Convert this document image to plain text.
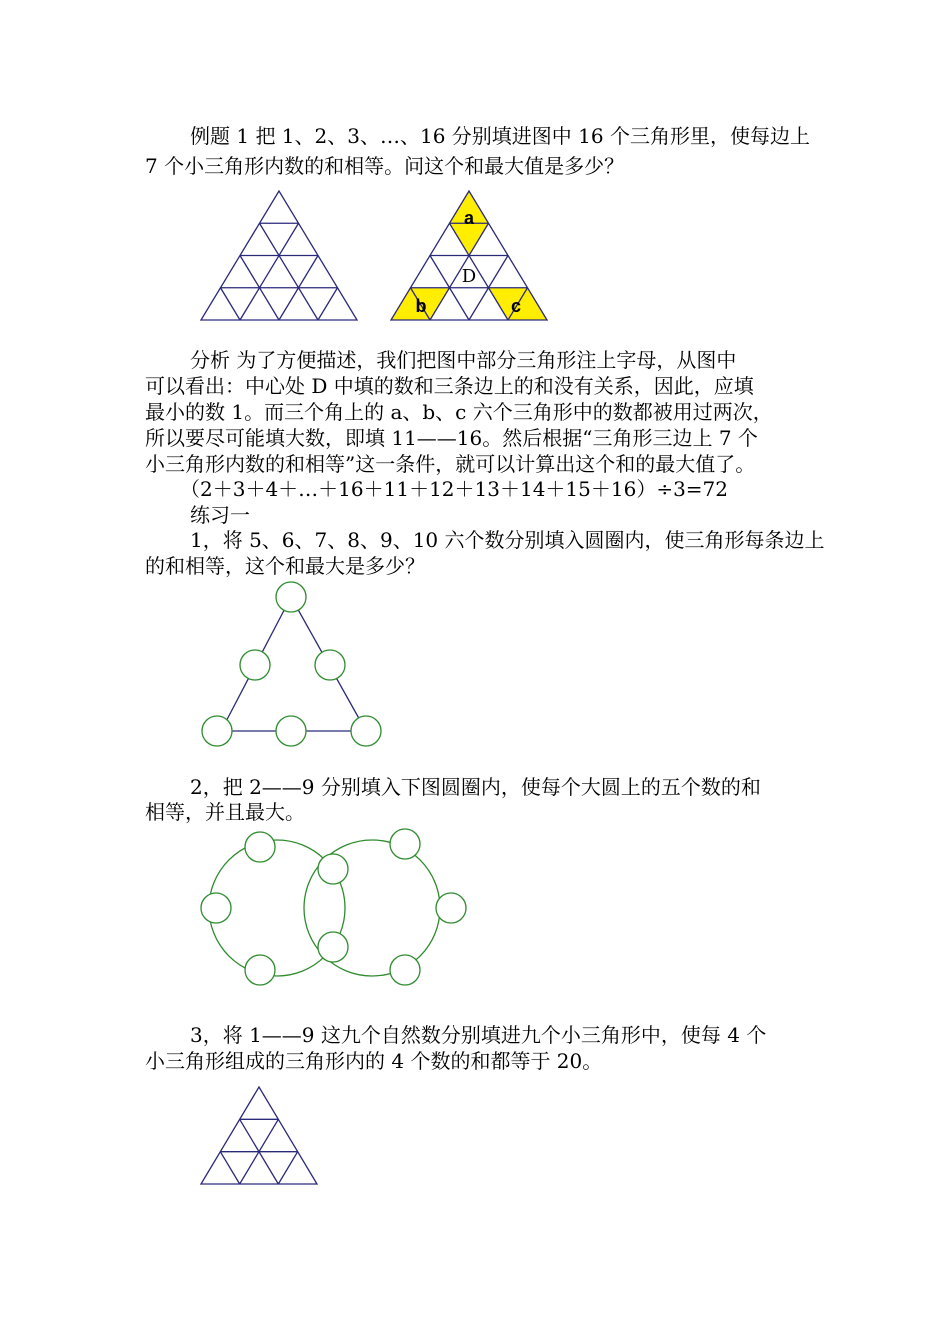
例题 1 把 1、2、3、…、16 分别填进图中 16 个三角形里，使每边上
7 个小三角形内数的和相等。问这个和最大值是多少？
a
D
b	c
分析 为了方便描述，我们把图中部分三角形注上字母，从图中
可以看出：中心处 D 中填的数和三条边上的和没有关系，因此，应填
最小的数 1。而三个角上的 a、b、c 六个三角形中的数都被用过两次，
所以要尽可能填大数，即填 11——16。然后根据“三角形三边上 7 个
小三角形内数的和相等”这一条件，就可以计算出这个和的最大值了。
（2＋3＋4＋…＋16＋11＋12＋13＋14＋15＋16）÷3=72
练习一
1，将 5、6、7、8、9、10 六个数分别填入圆圈内，使三角形每条边上
的和相等，这个和最大是多少？
2，把 2——9 分别填入下图圆圈内，使每个大圆上的五个数的和
相等，并且最大。
3，将 1——9 这九个自然数分别填进九个小三角形中，使每 4 个
小三角形组成的三角形内的 4 个数的和都等于 20。
